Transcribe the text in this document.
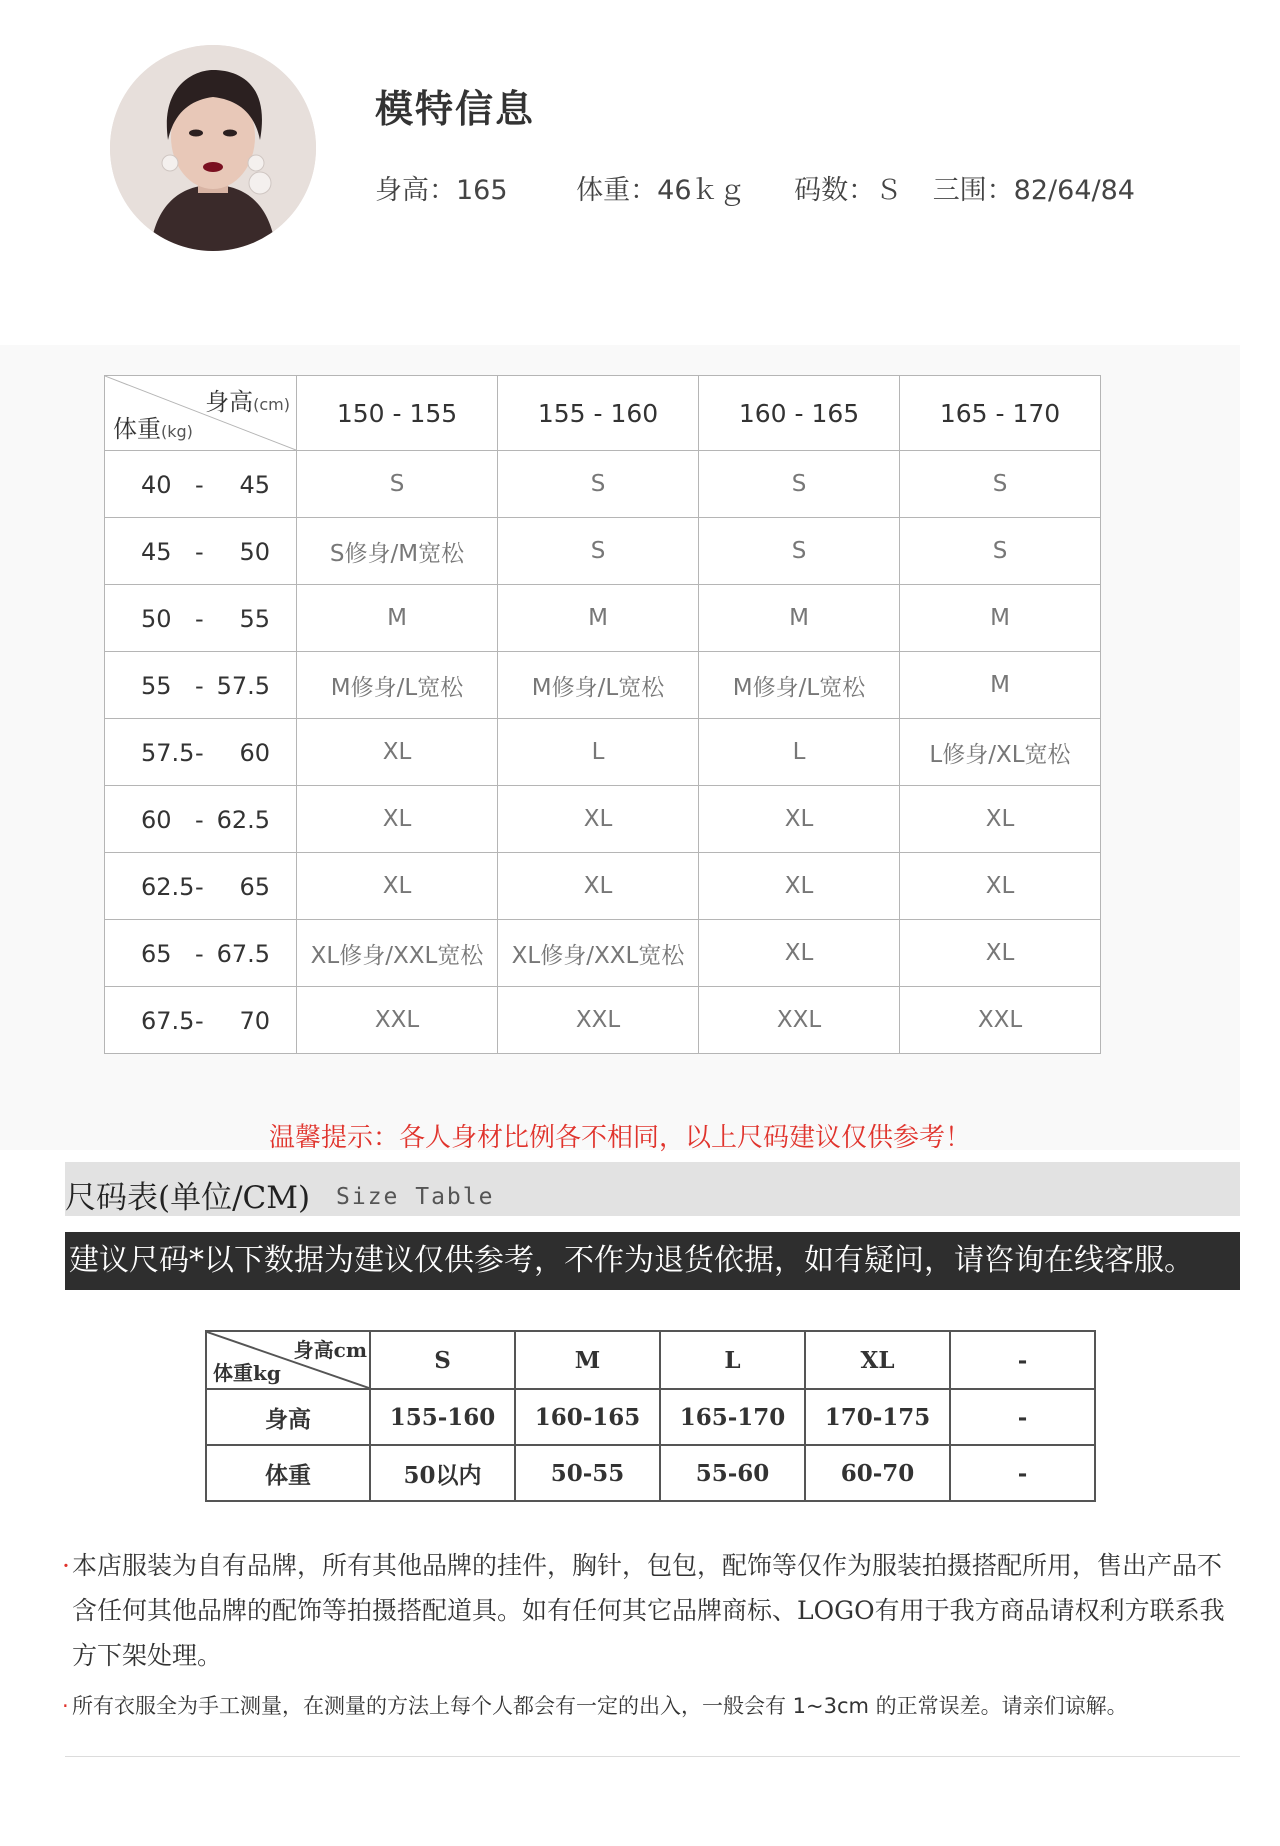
模特信息
身高：165	体重：46ｋｇ 码数：Ｓ 三围：82/64/84
身高(cm)
体重(kg)	150 - 155	155 - 160	160 - 165	165 - 170

40 - 45	S	S	S	S

45 - 50	S修身/M宽松	S	S	S

50 - 55	M	M	M	M

55 - 57.5	M修身/L宽松	M修身/L宽松	M修身/L宽松	M

57.5 - 60	XL	L	L	L修身/XL宽松

60 - 62.5	XL	XL	XL	XL

62.5 - 65	XL	XL	XL	XL

65 - 67.5	XL修身/XXL宽松	XL修身/XXL宽松	XL	XL

67.5 - 70	XXL	XXL	XXL	XXL
温馨提示：各人身材比例各不相同，以上尺码建议仅供参考！
尺码表(单位/CM) Size Table
建议尺码*以下数据为建议仅供参考，不作为退货依据，如有疑问，请咨询在线客服。
身高cm
体重kg	S	M	L	XL	-
身高	155-160	160-165	165-170	170-175	-
体重	50以内	50-55	55-60	60-70	-
· 本店服装为自有品牌，所有其他品牌的挂件，胸针，包包，配饰等仅作为服装拍摄搭配所用，售出产品不含任何其他品牌的配饰等拍摄搭配道具。如有任何其它品牌商标、LOGO有用于我方商品请权利方联系我方下架处理。
· 所有衣服全为手工测量，在测量的方法上每个人都会有一定的出入，一般会有 1~3cm 的正常误差。请亲们谅解。
